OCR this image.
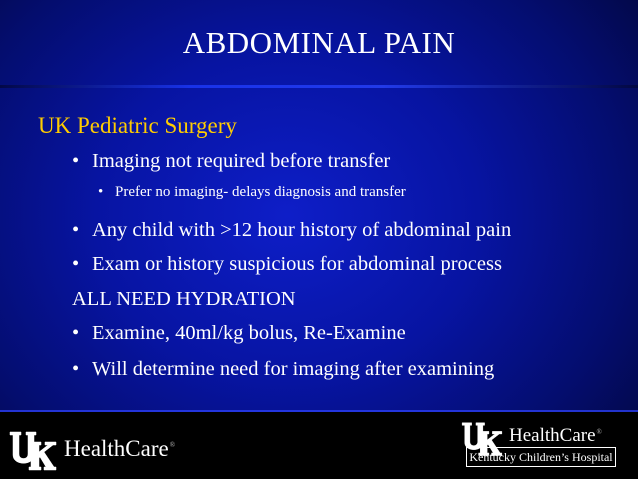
ABDOMINAL PAIN
UK Pediatric Surgery
• Imaging not required before transfer
• Prefer no imaging- delays diagnosis and transfer
• Any child with >12 hour history of abdominal pain
• Exam or history suspicious for abdominal process
ALL NEED HYDRATION
• Examine, 40ml/kg bolus, Re-Examine
• Will determine need for imaging after examining
HealthCare®	HealthCare®
Kentucky Children’s Hospital
